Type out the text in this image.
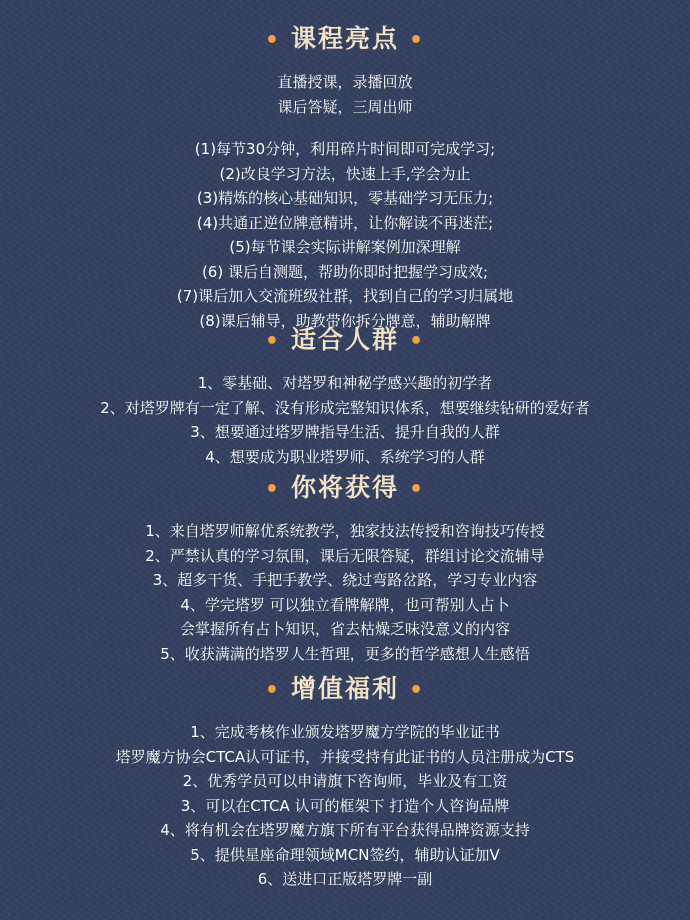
• 课程亮点 •
直播授课，录播回放
课后答疑，三周出师
(1)每节30分钟，利用碎片时间即可完成学习;
(2)改良学习方法，快速上手,学会为止
(3)精炼的核心基础知识，零基础学习无压力;
(4)共通正逆位牌意精讲，让你解读不再迷茫;
(5)每节课会实际讲解案例加深理解
(6) 课后自测题，帮助你即时把握学习成效;
(7)课后加入交流班级社群，找到自己的学习归属地
(8)课后辅导，助教带你拆分牌意，辅助解牌
• 适合人群 •
1、零基础、对塔罗和神秘学感兴趣的初学者
2、对塔罗牌有一定了解、没有形成完整知识体系，想要继续钻研的爱好者
3、想要通过塔罗牌指导生活、提升自我的人群
4、想要成为职业塔罗师、系统学习的人群
• 你将获得 •
1、来自塔罗师解优系统教学，独家技法传授和咨询技巧传授
2、严禁认真的学习氛围，课后无限答疑，群组讨论交流辅导
3、超多干货、手把手教学、绕过弯路岔路，学习专业内容
4、学完塔罗 可以独立看牌解牌，也可帮别人占卜
会掌握所有占卜知识，省去枯燥乏味没意义的内容
5、收获满满的塔罗人生哲理，更多的哲学感想人生感悟
• 增值福利 •
1、完成考核作业颁发塔罗魔方学院的毕业证书
塔罗魔方协会CTCA认可证书，并接受持有此证书的人员注册成为CTS
2、优秀学员可以申请旗下咨询师，毕业及有工资
3、可以在CTCA 认可的框架下 打造个人咨询品牌
4、将有机会在塔罗魔方旗下所有平台获得品牌资源支持
5、提供星座命理领域MCN签约，辅助认证加V
6、送进口正版塔罗牌一副
